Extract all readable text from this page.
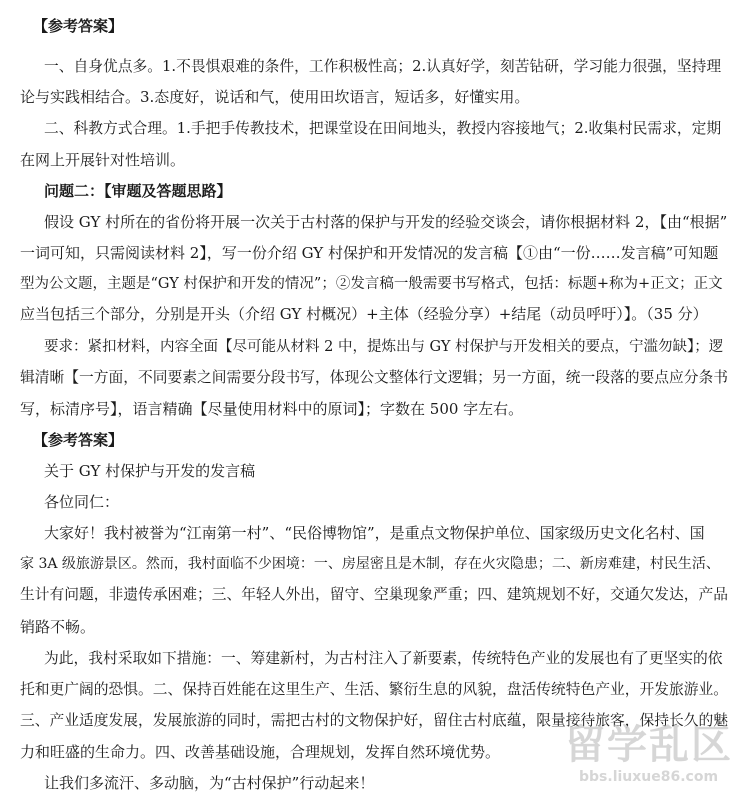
【参考答案】
一、自身优点多。1.不畏惧艰难的条件，工作积极性高；2.认真好学，刻苦钻研，学习能力很强，坚持理
论与实践相结合。3.态度好，说话和气，使用田坎语言，短话多，好懂实用。
二、科教方式合理。1.手把手传教技术，把课堂设在田间地头，教授内容接地气；2.收集村民需求，定期
在网上开展针对性培训。
问题二：【审题及答题思路】
假设 GY 村所在的省份将开展一次关于古村落的保护与开发的经验交谈会，请你根据材料 2，【由“根据”
一词可知，只需阅读材料 2】，写一份介绍 GY 村保护和开发情况的发言稿【①由“一份……发言稿”可知题
型为公文题，主题是“GY 村保护和开发的情况”；②发言稿一般需要书写格式，包括：标题+称为+正文；正文
应当包括三个部分，分别是开头（介绍 GY 村概况）+主体（经验分享）+结尾（动员呼吁）】。（35 分）
要求：紧扣材料，内容全面【尽可能从材料 2 中，提炼出与 GY 村保护与开发相关的要点，宁滥勿缺】；逻
辑清晰【一方面，不同要素之间需要分段书写，体现公文整体行文逻辑；另一方面，统一段落的要点应分条书
写，标清序号】，语言精确【尽量使用材料中的原词】；字数在 500 字左右。
【参考答案】
关于 GY 村保护与开发的发言稿
各位同仁：
大家好！我村被誉为“江南第一村”、“民俗博物馆”，是重点文物保护单位、国家级历史文化名村、国
家 3A 级旅游景区。然而，我村面临不少困境：一、房屋密且是木制，存在火灾隐患；二、新房难建，村民生活、
生计有问题，非遗传承困难；三、年轻人外出，留守、空巢现象严重；四、建筑规划不好，交通欠发达，产品
销路不畅。
为此，我村采取如下措施：一、筹建新村，为古村注入了新要素，传统特色产业的发展也有了更坚实的依
托和更广阔的恐惧。二、保持百姓能在这里生产、生活、繁衍生息的风貌，盘活传统特色产业，开发旅游业。
三、产业适度发展，发展旅游的同时，需把古村的文物保护好，留住古村底蕴，限量接待旅客，保持长久的魅
力和旺盛的生命力。四、改善基础设施，合理规划，发挥自然环境优势。
让我们多流汗、多动脑，为“古村保护”行动起来！
留学乱区
bbs.liuxue86.com
